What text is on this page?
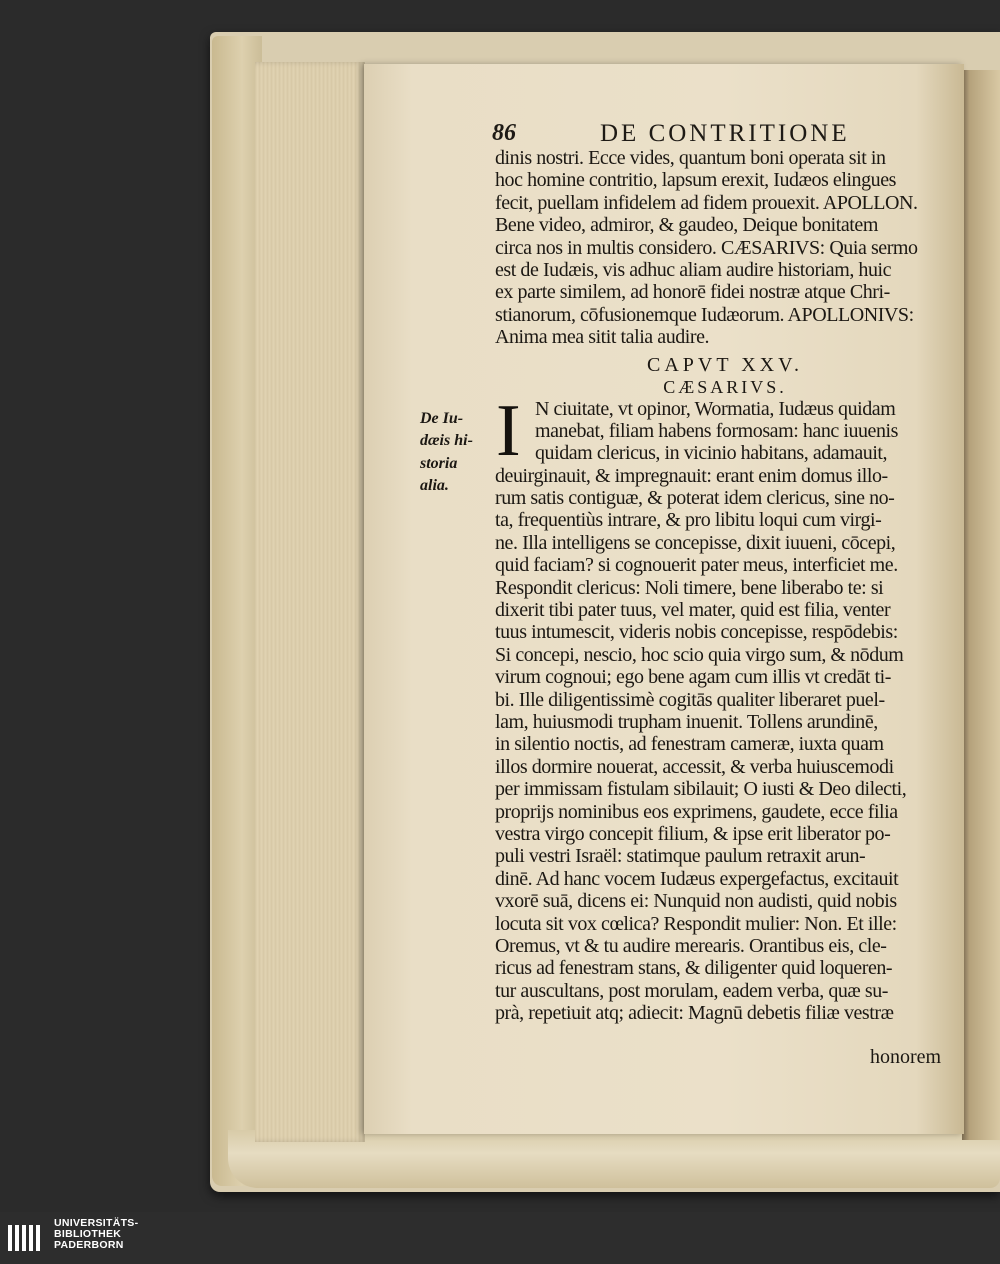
86	DE CONTRITIONE
dinis nostri. Ecce vides, quantum boni operata sit in
hoc homine contritio, lapsum erexit, Iudæos elingues
fecit, puellam infidelem ad fidem prouexit. APOLLON.
Bene video, admiror, & gaudeo, Deique bonitatem
circa nos in multis considero. CÆSARIVS: Quia sermo
est de Iudæis, vis adhuc aliam audire historiam, huic
ex parte similem, ad honorē fidei nostræ atque Chri-
stianorum, cōfusionemque Iudæorum. APOLLONIVS:
Anima mea sitit talia audire.
N ciuitate, vt opinor, Wormatia, Iudæus quidam
manebat, filiam habens formosam: hanc iuuenis
quidam clericus, in vicinio habitans, adamauit,
deuirginauit, & impregnauit: erant enim domus illo-
rum satis contiguæ, & poterat idem clericus, sine no-
ta, frequentiùs intrare, & pro libitu loqui cum virgi-
ne. Illa intelligens se concepisse, dixit iuueni, cōcepi,
quid faciam? si cognouerit pater meus, interficiet me.
Respondit clericus: Noli timere, bene liberabo te: si
dixerit tibi pater tuus, vel mater, quid est filia, venter
tuus intumescit, videris nobis concepisse, respōdebis:
Si concepi, nescio, hoc scio quia virgo sum, & nōdum
virum cognoui; ego bene agam cum illis vt credāt ti-
bi. Ille diligentissimè cogitās qualiter liberaret puel-
lam, huiusmodi trupham inuenit. Tollens arundinē,
in silentio noctis, ad fenestram cameræ, iuxta quam
illos dormire nouerat, accessit, & verba huiuscemodi
per immissam fistulam sibilauit; O iusti & Deo dilecti,
proprijs nominibus eos exprimens, gaudete, ecce filia
vestra virgo concepit filium, & ipse erit liberator po-
puli vestri Israël: statimque paulum retraxit arun-
dinē. Ad hanc vocem Iudæus expergefactus, excitauit
vxorē suā, dicens ei: Nunquid non audisti, quid nobis
locuta sit vox cœlica? Respondit mulier: Non. Et ille:
Oremus, vt & tu audire merearis. Orantibus eis, cle-
ricus ad fenestram stans, & diligenter quid loqueren-
tur auscultans, post morulam, eadem verba, quæ su-
prà, repetiuit atq; adiecit: Magnū debetis filiæ vestræ
CAPVT XXV.
CÆSARIVS.
I
De Iu-
dæis hi-
storia
alia.
honorem
UNIVERSITÄTS-
BIBLIOTHEK
PADERBORN
